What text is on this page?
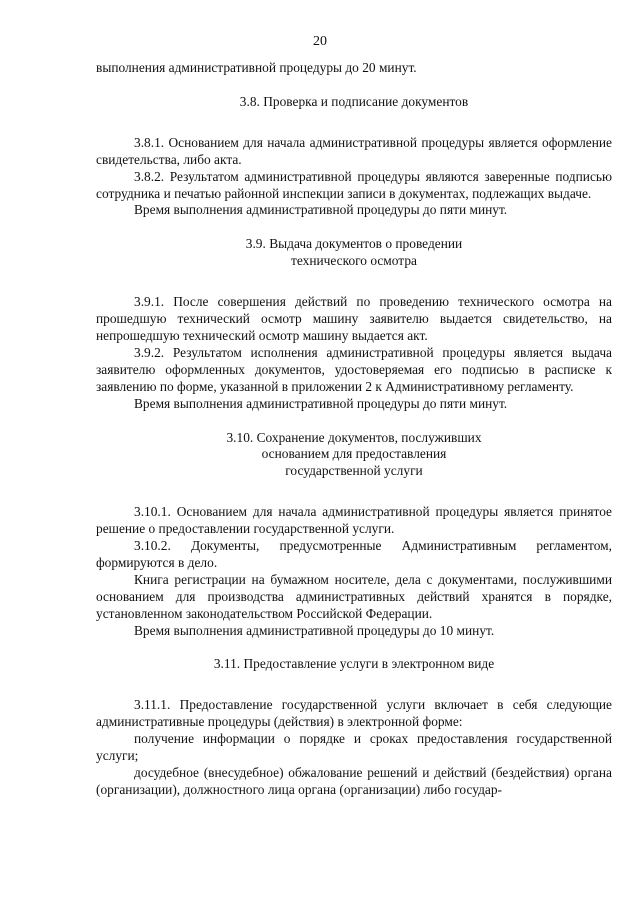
20

выполнения административной процедуры до 20 минут.

3.8. Проверка и подписание документов

3.8.1. Основанием для начала административной процедуры является оформление свидетельства, либо акта.

3.8.2. Результатом административной процедуры являются заверенные подписью сотрудника и печатью районной инспекции записи в документах, подлежащих выдаче.

Время выполнения административной процедуры до пяти минут.

3.9. Выдача документов о проведении
технического осмотра

3.9.1. После совершения действий по проведению технического осмотра на прошедшую технический осмотр машину заявителю выдается свидетельство, на непрошедшую технический осмотр машину выдается акт.

3.9.2. Результатом исполнения административной процедуры является выдача заявителю оформленных документов, удостоверяемая его подписью в расписке к заявлению по форме, указанной в приложении 2 к Административному регламенту.

Время выполнения административной процедуры до пяти минут.

3.10. Сохранение документов, послуживших
основанием для предоставления
государственной услуги

3.10.1. Основанием для начала административной процедуры является принятое решение о предоставлении государственной услуги.

3.10.2. Документы, предусмотренные Административным регламентом, формируются в дело.

Книга регистрации на бумажном носителе, дела с документами, послужившими основанием для производства административных действий хранятся в порядке, установленном законодательством Российской Федерации.

Время выполнения административной процедуры до 10 минут.

3.11. Предоставление услуги в электронном виде

3.11.1. Предоставление государственной услуги включает в себя следующие административные процедуры (действия) в электронной форме:

получение информации о порядке и сроках предоставления государственной услуги;

досудебное (внесудебное) обжалование решений и действий (бездействия) органа (организации), должностного лица органа (организации) либо государ-
